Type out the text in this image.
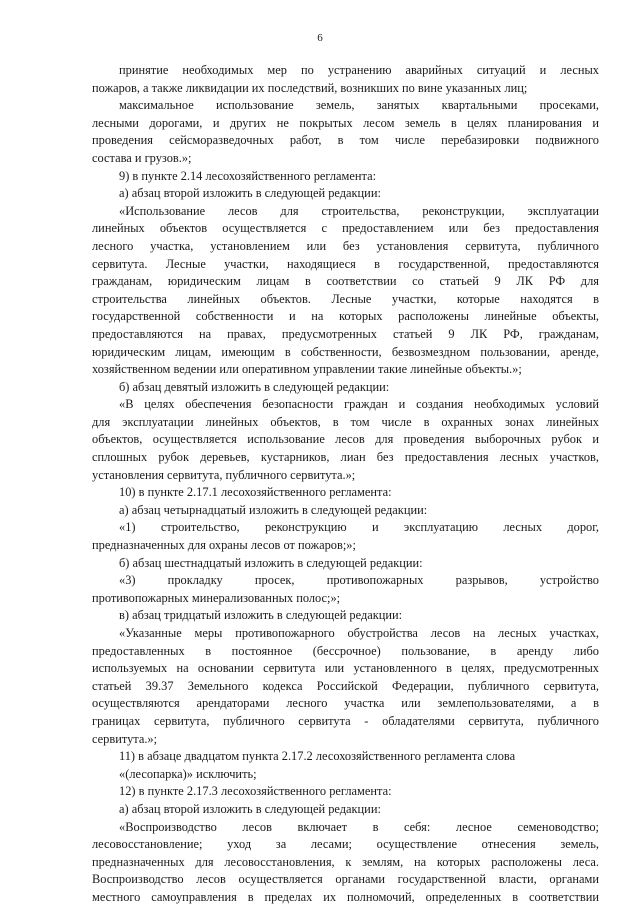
6

принятие необходимых мер по устранению аварийных ситуаций и лесных

пожаров, а также ликвидации их последствий, возникших по вине указанных лиц;

максимальное использование земель, занятых квартальными просеками,

лесными дорогами, и других не покрытых лесом земель в целях планирования и

проведения сейсморазведочных работ, в том числе перебазировки подвижного

состава и грузов.»;

9) в пункте 2.14 лесохозяйственного регламента:

а) абзац второй изложить в следующей редакции:

«Использование лесов для строительства, реконструкции, эксплуатации

линейных объектов осуществляется с предоставлением или без предоставления

лесного участка, установлением или без установления сервитута, публичного

сервитута. Лесные участки, находящиеся в государственной, предоставляются

гражданам, юридическим лицам в соответствии со статьей 9 ЛК РФ для

строительства линейных объектов. Лесные участки, которые находятся в

государственной собственности и на которых расположены линейные объекты,

предоставляются на правах, предусмотренных статьей 9 ЛК РФ, гражданам,

юридическим лицам, имеющим в собственности, безвозмездном пользовании, аренде,

хозяйственном ведении или оперативном управлении такие линейные объекты.»;

б) абзац девятый изложить в следующей редакции:

«В целях обеспечения безопасности граждан и создания необходимых условий

для эксплуатации линейных объектов, в том числе в охранных зонах линейных

объектов, осуществляется использование лесов для проведения выборочных рубок и

сплошных рубок деревьев, кустарников, лиан без предоставления лесных участков,

установления сервитута, публичного сервитута.»;

10) в пункте 2.17.1 лесохозяйственного регламента:

а) абзац четырнадцатый изложить в следующей редакции:

«1) строительство, реконструкцию и эксплуатацию лесных дорог,

предназначенных для охраны лесов от пожаров;»;

б) абзац шестнадцатый изложить в следующей редакции:

«3) прокладку просек, противопожарных разрывов, устройство

противопожарных минерализованных полос;»;

в) абзац тридцатый изложить в следующей редакции:

«Указанные меры противопожарного обустройства лесов на лесных участках,

предоставленных в постоянное (бессрочное) пользование, в аренду либо

используемых на основании сервитута или установленного в целях, предусмотренных

статьей 39.37 Земельного кодекса Российской Федерации, публичного сервитута,

осуществляются арендаторами лесного участка или землепользователями, а в

границах сервитута, публичного сервитута - обладателями сервитута, публичного

сервитута.»;

11) в абзаце двадцатом пункта 2.17.2 лесохозяйственного регламента слова

«(лесопарка)» исключить;

12) в пункте 2.17.3 лесохозяйственного регламента:

а) абзац второй изложить в следующей редакции:

«Воспроизводство лесов включает в себя: лесное семеноводство;

лесовосстановление; уход за лесами; осуществление отнесения земель,

предназначенных для лесовосстановления, к землям, на которых расположены леса.

Воспроизводство лесов осуществляется органами государственной власти, органами

местного самоуправления в пределах их полномочий, определенных в соответствии
